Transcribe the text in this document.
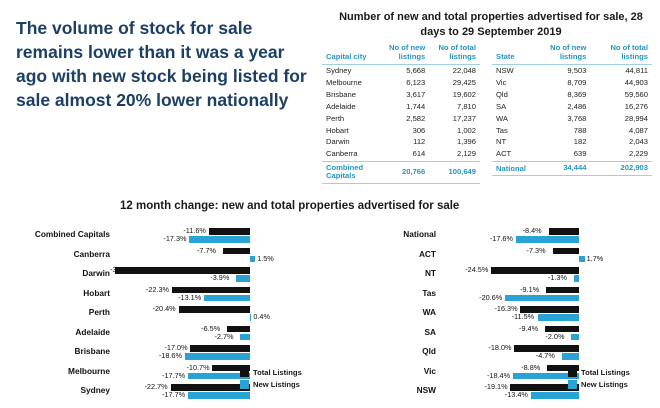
The volume of stock for sale remains lower than it was a year ago with new stock being listed for sale almost 20% lower nationally
Number of new and total properties advertised for sale, 28 days to 29 September 2019
Capital city	No of new listings	No of total listings
Sydney	5,668	22,048
Melbourne	6,123	29,425
Brisbane	3,617	19,602
Adelaide	1,744	7,810
Perth	2,582	17,237
Hobart	306	1,002
Darwin	112	1,396
Canberra	614	2,129
Combined Capitals	20,766	100,649
State	No of new listings	No of total listings
NSW	9,503	44,811
Vic	8,709	44,903
Qld	8,369	59,560
SA	2,486	16,276
WA	3,768	28,994
Tas	788	4,087
NT	182	2,043
ACT	639	2,229
National	34,444	202,903
12 month change: new and total properties advertised for sale
Combined Capitals	-11.6%
-17.3%
Canberra	-7.7%
1.5%
Darwin -38.5%
-3.9%
Hobart	-22.3%
-13.1%
Perth	-20.4%
0.4%
Adelaide	-6.5%
-2.7%
Brisbane	-17.0%
-18.6%
Melbourne	-10.7%
-17.7%
Sydney	-22.7%
-17.7%
National	-8.4%
-17.6%
ACT	-7.3%
1.7%
NT	-24.5%
-1.3%
Tas	-9.1%
-20.6%
WA	-16.3%
-11.5%
SA	-9.4%
-2.0%
Qld	-18.0%
-4.7%
Vic	-8.8%
-18.4%
NSW	-19.1%
-13.4%
Total Listings
New Listings
Total Listings
New Listings
